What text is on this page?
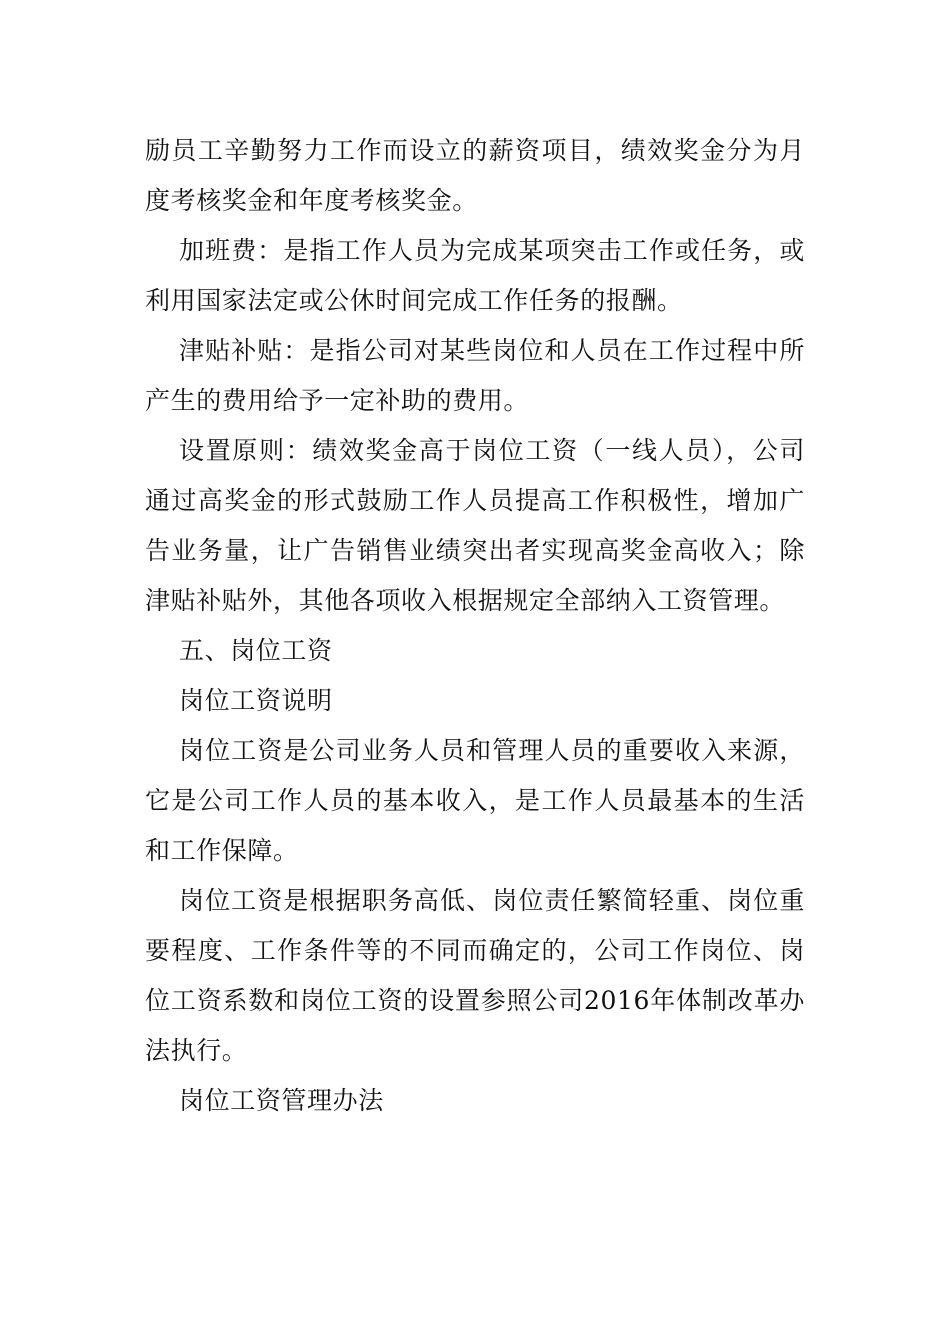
励员工辛勤努力工作而设立的薪资项目，绩效奖金分为月度考核奖金和年度考核奖金。

加班费：是指工作人员为完成某项突击工作或任务，或利用国家法定或公休时间完成工作任务的报酬。

津贴补贴：是指公司对某些岗位和人员在工作过程中所产生的费用给予一定补助的费用。

设置原则：绩效奖金高于岗位工资（一线人员），公司通过高奖金的形式鼓励工作人员提高工作积极性，增加广告业务量，让广告销售业绩突出者实现高奖金高收入；除津贴补贴外，其他各项收入根据规定全部纳入工资管理。

五、岗位工资

岗位工资说明

岗位工资是公司业务人员和管理人员的重要收入来源，它是公司工作人员的基本收入，是工作人员最基本的生活和工作保障。

岗位工资是根据职务高低、岗位责任繁简轻重、岗位重要程度、工作条件等的不同而确定的，公司工作岗位、岗位工资系数和岗位工资的设置参照公司2016年体制改革办法执行。

岗位工资管理办法
